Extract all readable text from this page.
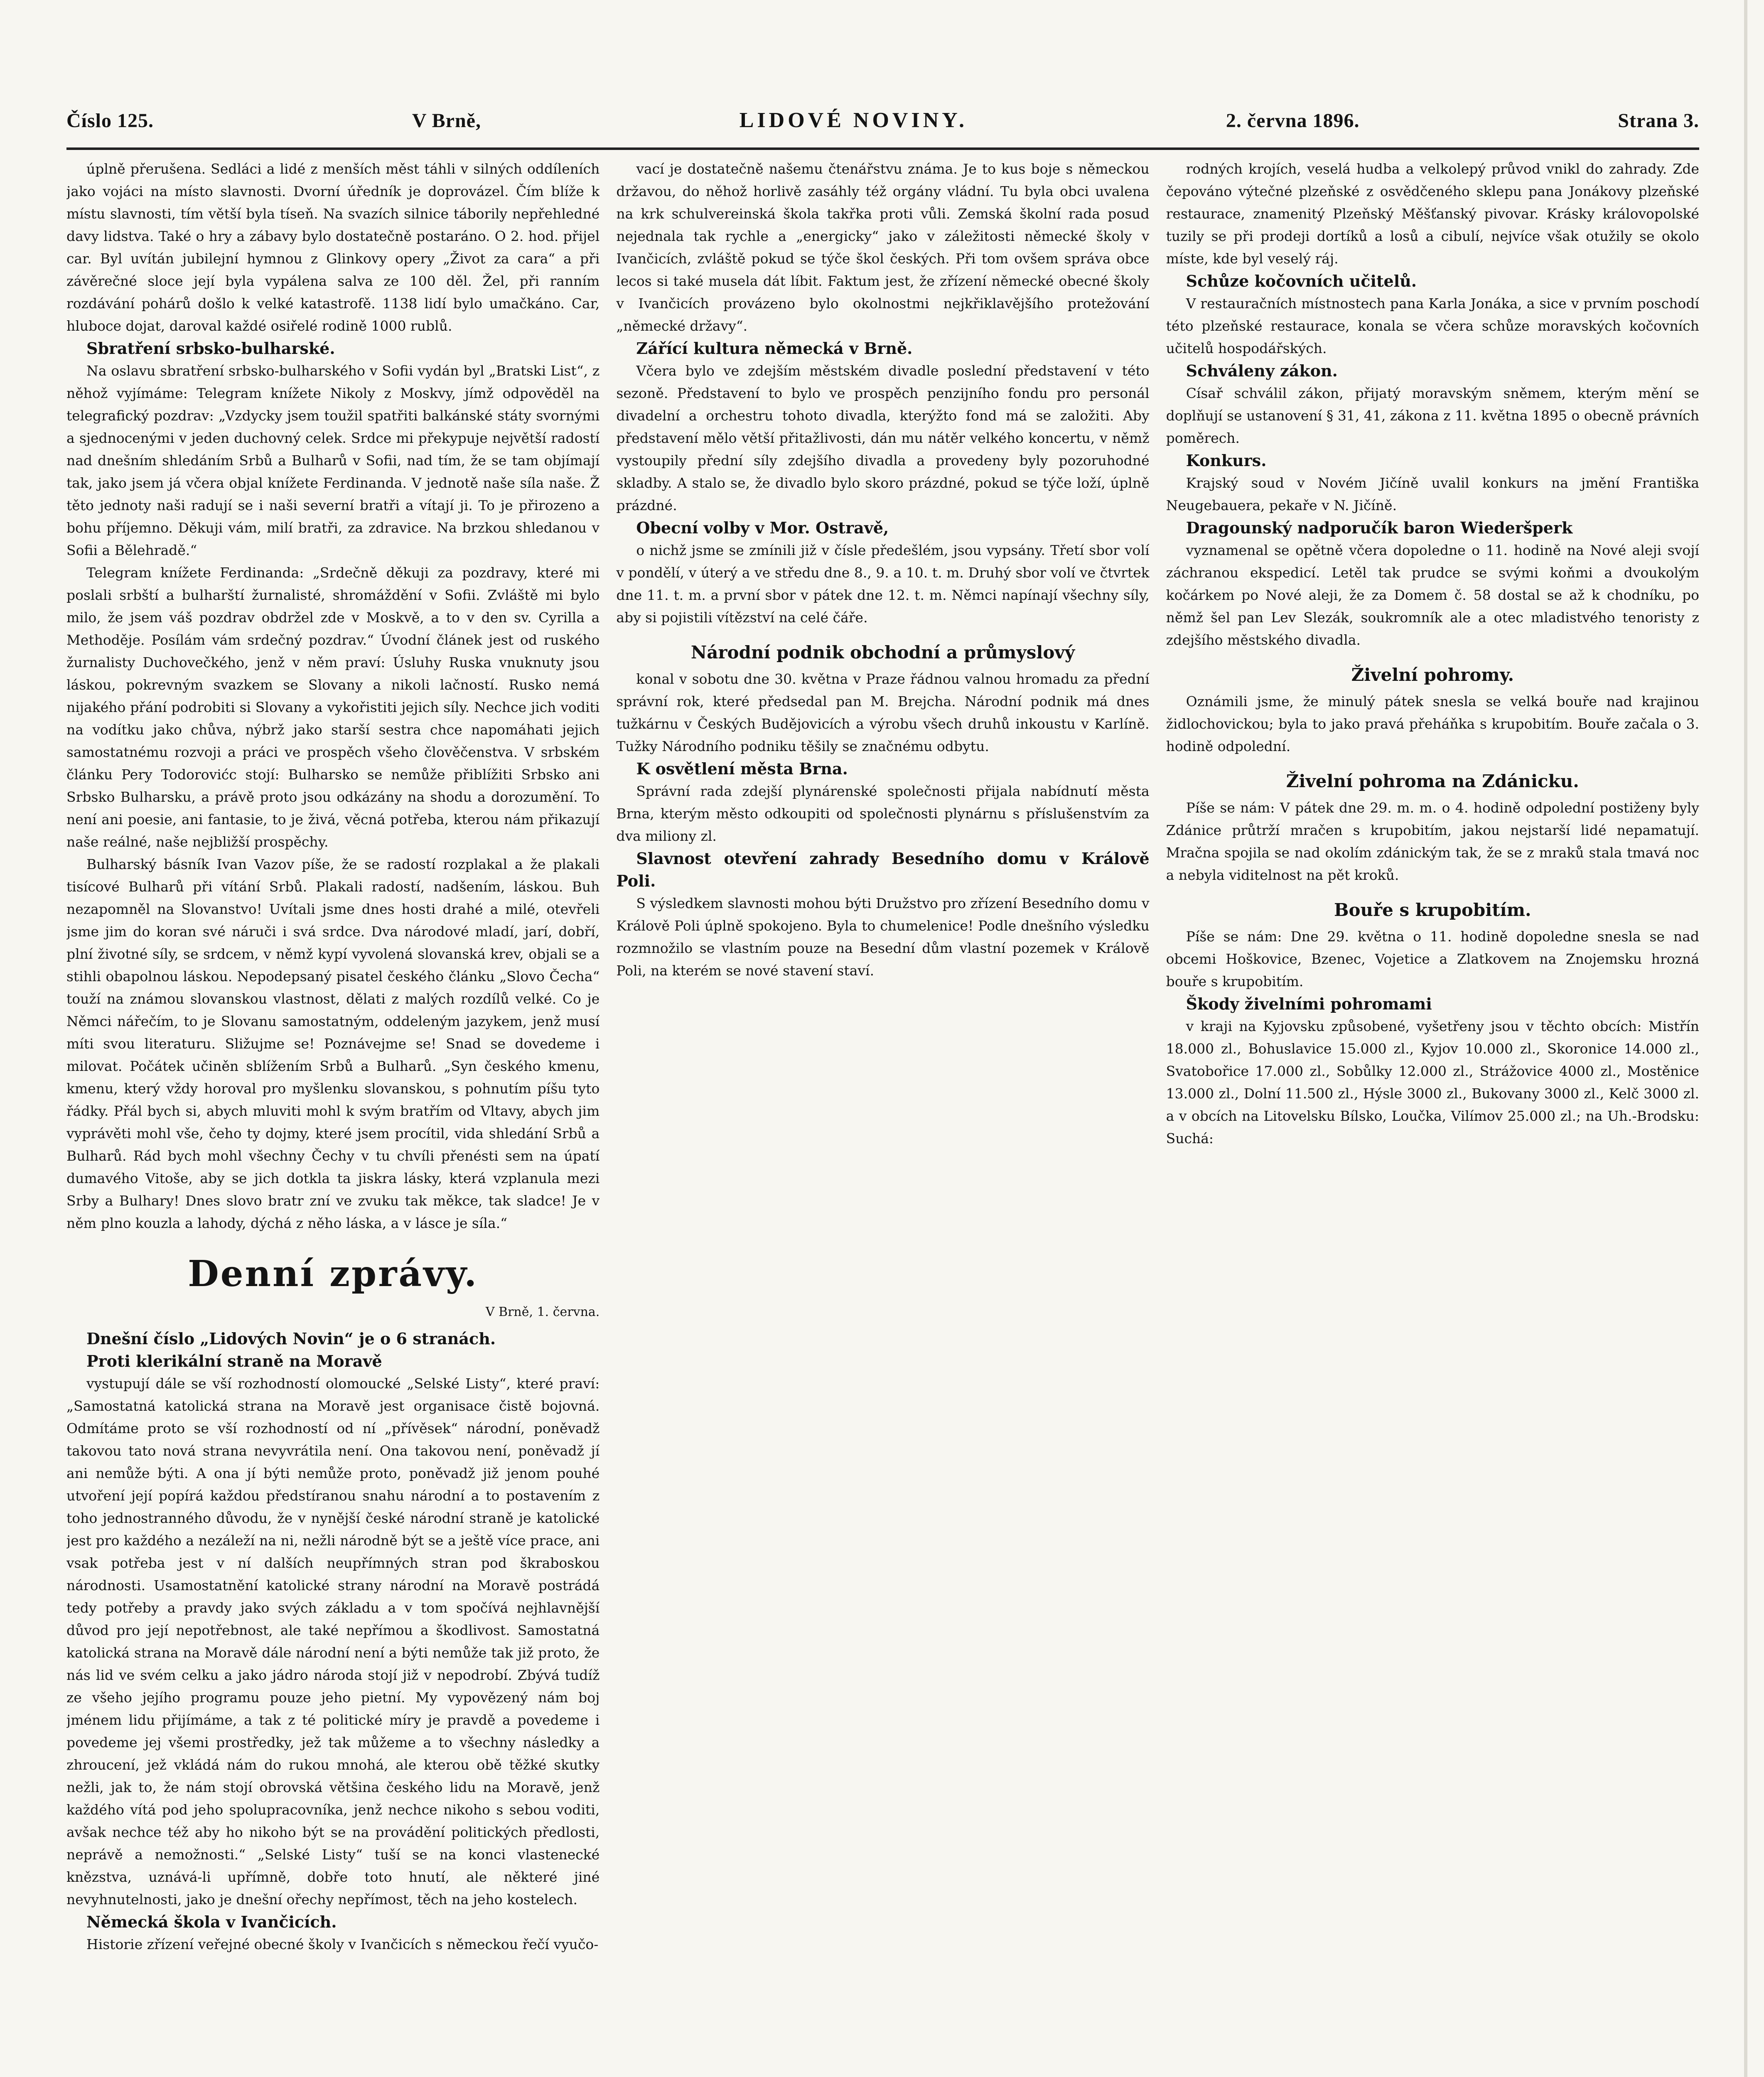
Číslo 125.	V Brně,	LIDOVÉ NOVINY.	2. června 1896.	Strana 3.

úplně přerušena. Sedláci a lidé z menších měst táhli v silných oddíleních jako vojáci na místo slavnosti. Dvorní úředník je doprovázel. Čím blíže k místu slavnosti, tím větší byla tíseň. Na svazích silnice táborily nepřehledné davy lidstva. Také o hry a zábavy bylo dostatečně postaráno. O 2. hod. přijel car. Byl uvítán jubilejní hymnou z Glinkovy opery „Život za cara“ a při závěrečné sloce její byla vypálena salva ze 100 děl. Žel, při ranním rozdávání pohárů došlo k velké katastrofě. 1138 lidí bylo umačkáno. Car, hluboce dojat, daroval každé osiřelé rodině 1000 rublů.

Sbratření srbsko-bulharské.

Na oslavu sbratření srbsko-bulharského v Sofii vydán byl „Bratski List“, z něhož vyjímáme: Telegram knížete Nikoly z Moskvy, jímž odpověděl na telegrafický pozdrav: „Vzdycky jsem toužil spatřiti balkánské státy svornými a sjednocenými v jeden duchovný celek. Srdce mi překypuje největší radostí nad dnešním shledáním Srbů a Bulharů v Sofii, nad tím, že se tam objímají tak, jako jsem já včera objal knížete Ferdinanda. V jednotě naše síla naše. Ž těto jednoty naši radují se i naši severní bratři a vítají ji. To je přirozeno a bohu příjemno. Děkuji vám, milí bratři, za zdravice. Na brzkou shledanou v Sofii a Bělehradě.“

Telegram knížete Ferdinanda: „Srdečně děkuji za pozdravy, které mi poslali srbští a bulharští žurnalisté, shromáždění v Sofii. Zvláště mi bylo milo, že jsem váš pozdrav obdržel zde v Moskvě, a to v den sv. Cyrilla a Methoděje. Posílám vám srdečný pozdrav.“ Úvodní článek jest od ruského žurnalisty Duchovečkého, jenž v něm praví: Úsluhy Ruska vnuknuty jsou láskou, pokrevným svazkem se Slovany a nikoli lačností. Rusko nemá nijakého přání podrobiti si Slovany a vykořistiti jejich síly. Nechce jich voditi na vodítku jako chůva, nýbrž jako starší sestra chce napomáhati jejich samostatnému rozvoji a práci ve prospěch všeho člověčenstva. V srbském článku Pery Todorovićc stojí: Bulharsko se nemůže přiblížiti Srbsko ani Srbsko Bulharsku, a právě proto jsou odkázány na shodu a dorozumění. To není ani poesie, ani fantasie, to je živá, věcná potřeba, kterou nám přikazují naše reálné, naše nejbližší prospěchy.

Bulharský básník Ivan Vazov píše, že se radostí rozplakal a že plakali tisícové Bulharů při vítání Srbů. Plakali radostí, nadšením, láskou. Buh nezapomněl na Slovanstvo! Uvítali jsme dnes hosti drahé a milé, otevřeli jsme jim do koran své náruči i svá srdce. Dva národové mladí, jarí, dobří, plní životné síly, se srdcem, v němž kypí vyvolená slovanská krev, objali se a stihli obapolnou láskou. Nepodepsaný pisatel českého článku „Slovo Čecha“ touží na známou slovanskou vlastnost, dělati z malých rozdílů velké. Co je Němci nářečím, to je Slovanu samostatným, oddeleným jazykem, jenž musí míti svou literaturu. Sližujme se! Poznávejme se! Snad se dovedeme i milovat. Počátek učiněn sblížením Srbů a Bulharů. „Syn českého kmenu, kmenu, který vždy horoval pro myšlenku slovanskou, s pohnutím píšu tyto řádky. Přál bych si, abych mluviti mohl k svým bratřím od Vltavy, abych jim vyprávěti mohl vše, čeho ty dojmy, které jsem procítil, vida shledání Srbů a Bulharů. Rád bych mohl všechny Čechy v tu chvíli přenésti sem na úpatí dumavého Vitoše, aby se jich dotkla ta jiskra lásky, která vzplanula mezi Srby a Bulhary! Dnes slovo bratr zní ve zvuku tak měkce, tak sladce! Je v něm plno kouzla a lahody, dýchá z něho láska, a v lásce je síla.“

Denní zprávy.
V Brně, 1. června.

Dnešní číslo „Lidových Novin“ je o 6 stranách.

Proti klerikální straně na Moravě

vystupují dále se vší rozhodností olomoucké „Selské Listy“, které praví: „Samostatná katolická strana na Moravě jest organisace čistě bojovná. Odmítáme proto se vší rozhodností od ní „přívěsek“ národní, poněvadž takovou tato nová strana nevyvrátila není. Ona takovou není, poněvadž jí ani nemůže býti. A ona jí býti nemůže proto, poněvadž již jenom pouhé utvoření její popírá každou předstíranou snahu národní a to postavením z toho jednostranného důvodu, že v nynější české národní straně je katolické jest pro každého a nezáleží na ni, nežli národně být se a ještě více prace, ani vsak potřeba jest v ní dalších neupřímných stran pod škraboskou národnosti. Usamostatnění katolické strany národní na Moravě postrádá tedy potřeby a pravdy jako svých základu a v tom spočívá nejhlavnější důvod pro její nepotřebnost, ale také nepřímou a škodlivost. Samostatná katolická strana na Moravě dále národní není a býti nemůže tak již proto, že nás lid ve svém celku a jako jádro národa stojí již v nepodrobí. Zbývá tudíž ze všeho jejího programu pouze jeho pietní. My vypovězený nám boj jménem lidu přijímáme, a tak z té politické míry je pravdě a povedeme i povedeme jej všemi prostředky, jež tak můžeme a to všechny následky a zhroucení, jež vkládá nám do rukou mnohá, ale kterou obě těžké skutky nežli, jak to, že nám stojí obrovská většina českého lidu na Moravě, jenž každého vítá pod jeho spolupracovníka, jenž nechce nikoho s sebou voditi, avšak nechce též aby ho nikoho být se na provádění politických předlosti, neprávě a nemožnosti.“ „Selské Listy“ tuší se na konci vlastenecké knězstva, uznává-li upřímně, dobře toto hnutí, ale některé jiné nevyhnutelnosti, jako je dnešní ořechy nepřímost, těch na jeho kostelech.

Německá škola v Ivančicích.

Historie zřízení veřejné obecné školy v Ivančicích s německou řečí vyučo-

vací je dostatečně našemu čtenářstvu známa. Je to kus boje s německou državou, do něhož horlivě zasáhly též orgány vládní. Tu byla obci uvalena na krk schulvereinská škola takřka proti vůli. Zemská školní rada posud nejednala tak rychle a „energicky“ jako v záležitosti německé školy v Ivančicích, zvláště pokud se týče škol českých. Při tom ovšem správa obce lecos si také musela dát líbit. Faktum jest, že zřízení německé obecné školy v Ivančicích provázeno bylo okolnostmi nejkřiklavějšího protežování „německé državy“.

Zářící kultura německá v Brně.

Včera bylo ve zdejším městském divadle poslední představení v této sezoně. Představení to bylo ve prospěch penzijního fondu pro personál divadelní a orchestru tohoto divadla, kterýžto fond má se založiti. Aby představení mělo větší přitažlivosti, dán mu nátěr velkého koncertu, v němž vystoupily přední síly zdejšího divadla a provedeny byly pozoruhodné skladby. A stalo se, že divadlo bylo skoro prázdné, pokud se týče loží, úplně prázdné.

Obecní volby v Mor. Ostravě,

o nichž jsme se zmínili již v čísle předešlém, jsou vypsány. Třetí sbor volí v pondělí, v úterý a ve středu dne 8., 9. a 10. t. m. Druhý sbor volí ve čtvrtek dne 11. t. m. a první sbor v pátek dne 12. t. m. Němci napínají všechny síly, aby si pojistili vítězství na celé čáře.

Národní podnik obchodní a průmyslový

konal v sobotu dne 30. května v Praze řádnou valnou hromadu za přední správní rok, které předsedal pan M. Brejcha. Národní podnik má dnes tužkárnu v Českých Budějovicích a výrobu všech druhů inkoustu v Karlíně. Tužky Národního podniku těšily se značnému odbytu.

K osvětlení města Brna.

Správní rada zdejší plynárenské společnosti přijala nabídnutí města Brna, kterým město odkoupiti od společnosti plynárnu s příslušenstvím za dva miliony zl.

Slavnost otevření zahrady Besedního domu v Králově Poli.

S výsledkem slavnosti mohou býti Družstvo pro zřízení Besedního domu v Králově Poli úplně spokojeno. Byla to chumelenice! Podle dnešního výsledku rozmnožilo se vlastním pouze na Besední dům vlastní pozemek v Králově Poli, na kterém se nové stavení staví.

rodných krojích, veselá hudba a velkolepý průvod vnikl do zahrady. Zde čepováno výtečné plzeňské z osvědčeného sklepu pana Jonákovy plzeňské restaurace, znamenitý Plzeňský Měšťanský pivovar. Krásky královopolské tuzily se při prodeji dortíků a losů a cibulí, nejvíce však otužily se okolo míste, kde byl veselý ráj.

Schůze kočovních učitelů.

V restauračních místnostech pana Karla Jonáka, a sice v prvním poschodí této plzeňské restaurace, konala se včera schůze moravských kočovních učitelů hospodářských.

Schváleny zákon.

Císař schválil zákon, přijatý moravským sněmem, kterým mění se doplňují se ustanovení § 31, 41, zákona z 11. května 1895 o obecně právních poměrech.

Konkurs.

Krajský soud v Novém Jičíně uvalil konkurs na jmění Františka Neugebauera, pekaře v N. Jičíně.

Dragounský nadporučík baron Wiederšperk

vyznamenal se opětně včera dopoledne o 11. hodině na Nové aleji svojí záchranou ekspedicí. Letěl tak prudce se svými koňmi a dvoukolým kočárkem po Nové aleji, že za Domem č. 58 dostal se až k chodníku, po němž šel pan Lev Slezák, soukromník ale a otec mladistvého tenoristy z zdejšího městského divadla.

Živelní pohromy.

Oznámili jsme, že minulý pátek snesla se velká bouře nad krajinou židlochovickou; byla to jako pravá přeháňka s krupobitím. Bouře začala o 3. hodině odpolední.

Živelní pohroma na Zdánicku.

Píše se nám: V pátek dne 29. m. m. o 4. hodině odpolední postiženy byly Zdánice průtrží mračen s krupobitím, jakou nejstarší lidé nepamatují. Mračna spojila se nad okolím zdánickým tak, že se z mraků stala tmavá noc a nebyla viditelnost na pět kroků.

Bouře s krupobitím.

Píše se nám: Dne 29. května o 11. hodině dopoledne snesla se nad obcemi Hoškovice, Bzenec, Vojetice a Zlatkovem na Znojemsku hrozná bouře s krupobitím.

Škody živelními pohromami

v kraji na Kyjovsku způsobené, vyšetřeny jsou v těchto obcích: Mistřín 18.000 zl., Bohuslavice 15.000 zl., Kyjov 10.000 zl., Skoronice 14.000 zl., Svatobořice 17.000 zl., Sobůlky 12.000 zl., Strážovice 4000 zl., Mostěnice 13.000 zl., Dolní 11.500 zl., Hýsle 3000 zl., Bukovany 3000 zl., Kelč 3000 zl. a v obcích na Litovelsku Bílsko, Loučka, Vilímov 25.000 zl.; na Uh.-Brodsku: Suchá:
